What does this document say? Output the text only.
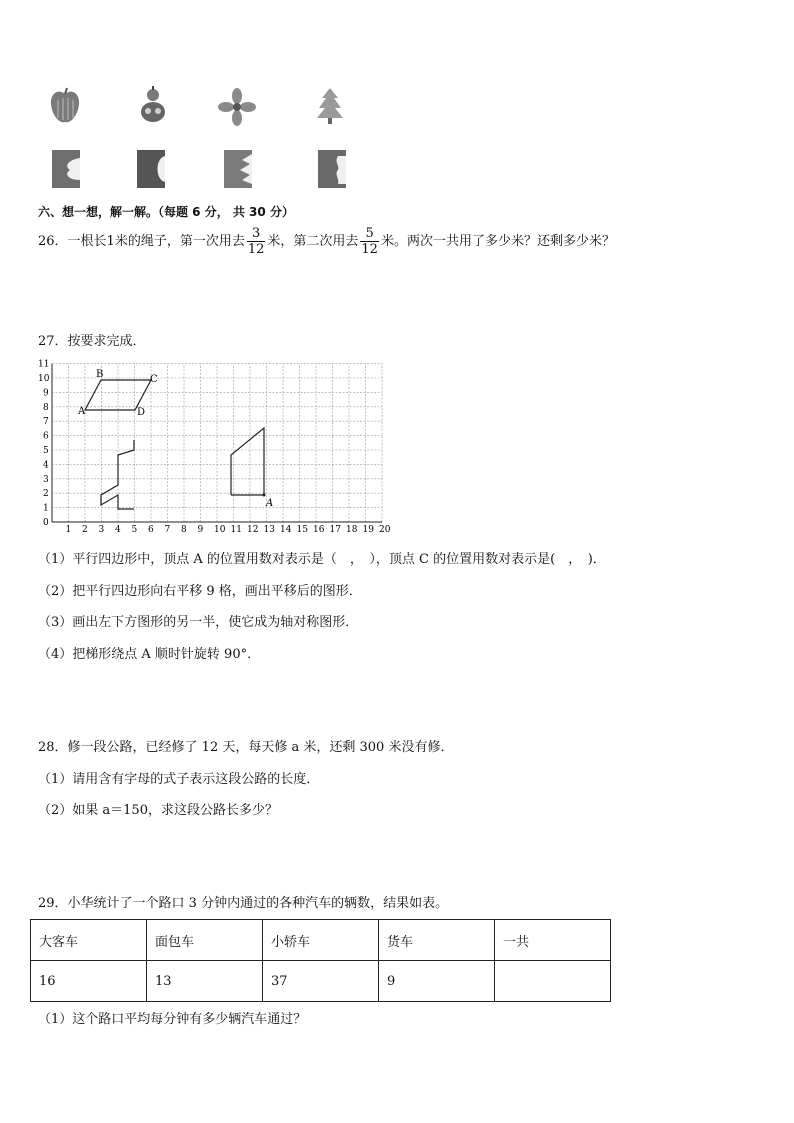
六、想一想，解一解。（每题 6 分， 共 30 分）
26．一根长1米的绳子，第一次用去 $\frac{3}{12}$ 米，第二次用去 $\frac{5}{12}$ 米。两次一共用了多少米？还剩多少米？
27．按要求完成．
1 2 3 4 5 6 7 8 9 10 11 12 13 14 15 16 17 18 19 20
0
1
2
3
4
5
6
7
8
9
10
11
A
B	C
D
A
（1）平行四边形中，顶点 A 的位置用数对表示是（　，　），顶点 C 的位置用数对表示是(　，　)．
（2）把平行四边形向右平移 9 格，画出平移后的图形．
（3）画出左下方图形的另一半，使它成为轴对称图形．
（4）把梯形绕点 A 顺时针旋转 90°．
28．修一段公路，已经修了 12 天，每天修 a 米，还剩 300 米没有修．
（1）请用含有字母的式子表示这段公路的长度．
（2）如果 a＝150，求这段公路长多少？
29．小华统计了一个路口 3 分钟内通过的各种汽车的辆数，结果如表。
大客车	面包车	小轿车	货车	一共
16	13	37	9	
（1）这个路口平均每分钟有多少辆汽车通过？
